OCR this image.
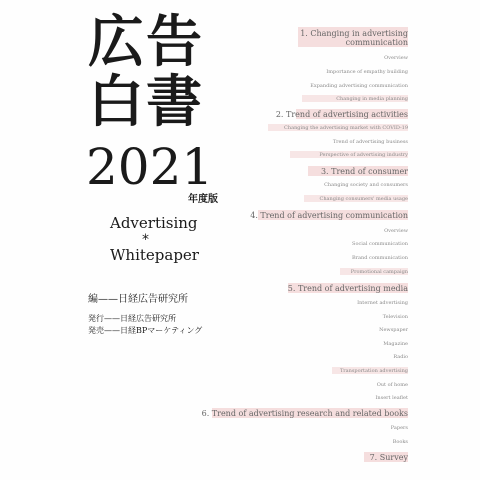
広告
白書
2021
年度版
Advertising
*
Whitepaper
編——日経広告研究所
発行——日経広告研究所
発売——日経BPマーケティング
1. Changing in advertising communication
Overview
Importance of empathy building
Expanding advertising communication
Changing in media planning
2. Trend of advertising activities
Changing the advertising market with COVID-19
Trend of advertising business
Perspective of advertising industry
3. Trend of consumer
Changing society and consumers
Changing consumers' media usage
4. Trend of advertising communication
Overview
Social communication
Brand communication
Promotional campaign
5. Trend of advertising media
Internet advertising
Television
Newspaper
Magazine
Radio
Transportation advertising
Out of home
Insert leaflet
6. Trend of advertising research and related books
Papers
Books
7. Survey
